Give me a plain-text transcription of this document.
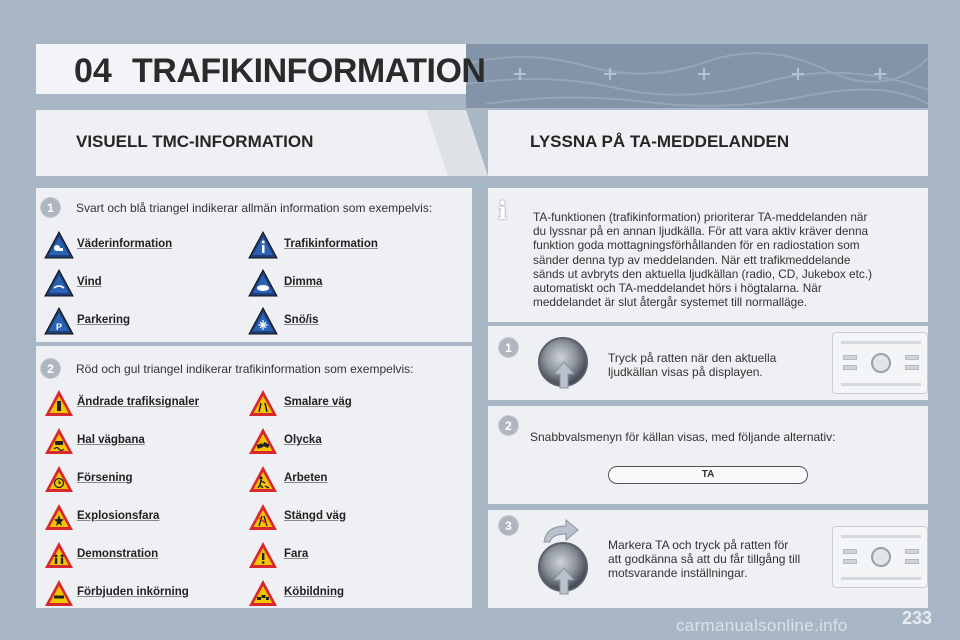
04 TRAFIKINFORMATION
VISUELL TMC-INFORMATION	LYSSNA PÅ TA-MEDDELANDEN
1	Svart och blå triangel indikerar allmän information som exempelvis:
Väderinformation	Trafikinformation
Vind	Dimma
P
Parkering	Snö/is
2	Röd och gul triangel indikerar trafikinformation som exempelvis:
Ändrade trafiksignaler	Smalare väg
Hal vägbana	Olycka
Försening	Arbeten
Explosionsfara	Stängd väg
Demonstration	Fara
Förbjuden inkörning	Köbildning
i	TA-funktionen (trafikinformation) prioriterar TA-meddelanden när
du lyssnar på en annan ljudkälla. För att vara aktiv kräver denna
funktion goda mottagningsförhållanden för en radiostation som
sänder denna typ av meddelanden. När ett trafikmeddelande
sänds ut avbryts den aktuella ljudkällan (radio, CD, Jukebox etc.)
automatiskt och TA-meddelandet hörs i högtalarna. När
meddelandet är slut återgår systemet till normalläge.
1
Tryck på ratten när den aktuella
ljudkällan visas på displayen.
2
Snabbvalsmenyn för källan visas, med följande alternativ:
TA
3
Markera TA och tryck på ratten för
att godkänna så att du får tillgång till
motsvarande inställningar.
carmanualsonline.info	233
